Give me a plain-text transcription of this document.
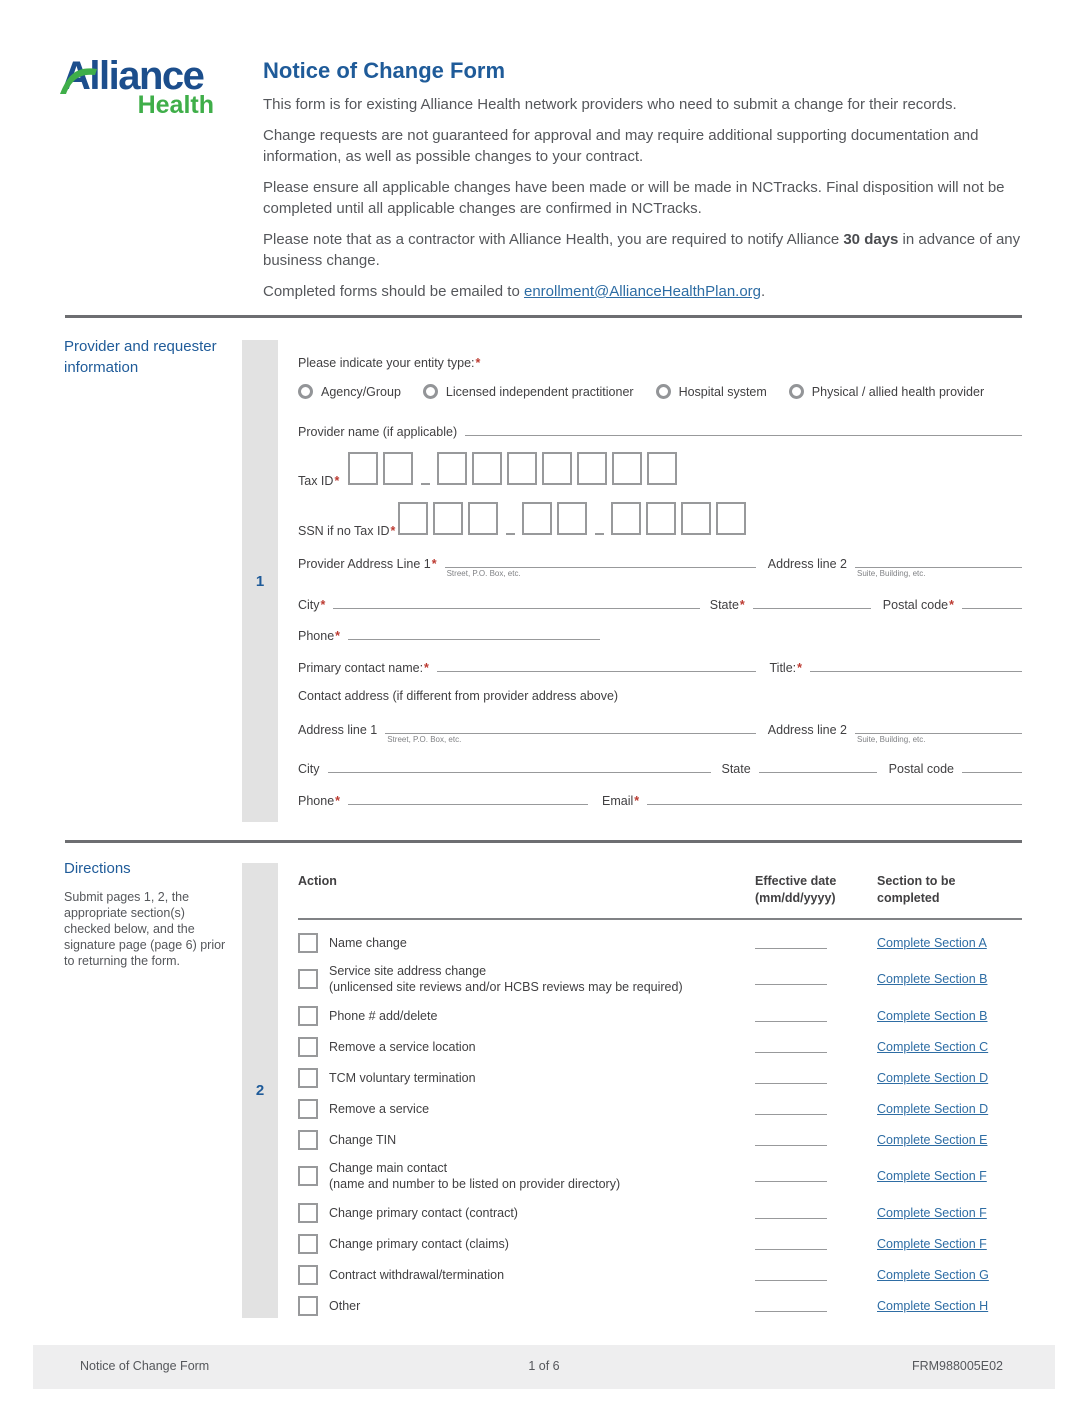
Alliance
Health
Notice of Change Form

This form is for existing Alliance Health network providers who need to submit a change for their records.

Change requests are not guaranteed for approval and may require additional supporting documentation and information, as well as possible changes to your contract.

Please ensure all applicable changes have been made or will be made in NCTracks. Final disposition will not be completed until all applicable changes are confirmed in NCTracks.

Please note that as a contractor with Alliance Health, you are required to notify Alliance 30 days in advance of any business change.

Completed forms should be emailed to enrollment@AllianceHealthPlan.org.

Provider and requester information
1
Please indicate your entity type:*
Agency/Group	Licensed independent practitioner	Hospital system	Physical / allied health provider
Provider name (if applicable)
Tax ID*
SSN if no Tax ID*
Provider Address Line 1*
Street, P.O. Box, etc.
Address line 2
Suite, Building, etc.
City*	State*	Postal code*
Phone*
Primary contact name:*	Title:*
Contact address (if different from provider address above)
Address line 1
Street, P.O. Box, etc.
Address line 2
Suite, Building, etc.
City	State	Postal code
Phone*	Email*
Directions

Submit pages 1, 2, the appropriate section(s) checked below, and the signature page (page 6) prior to returning the form.

2
Action	Effective date
(mm/dd/yyyy)
Section to be
completed
Name change	Complete Section A
Service site address change
(unlicensed site reviews and/or HCBS reviews may be required)
Complete Section B
Phone # add/delete	Complete Section B
Remove a service location	Complete Section C
TCM voluntary termination	Complete Section D
Remove a service	Complete Section D
Change TIN	Complete Section E
Change main contact
(name and number to be listed on provider directory)
Complete Section F
Change primary contact (contract)	Complete Section F
Change primary contact (claims)	Complete Section F
Contract withdrawal/termination	Complete Section G
Other	Complete Section H
Notice of Change Form	1 of 6	FRM988005E02
